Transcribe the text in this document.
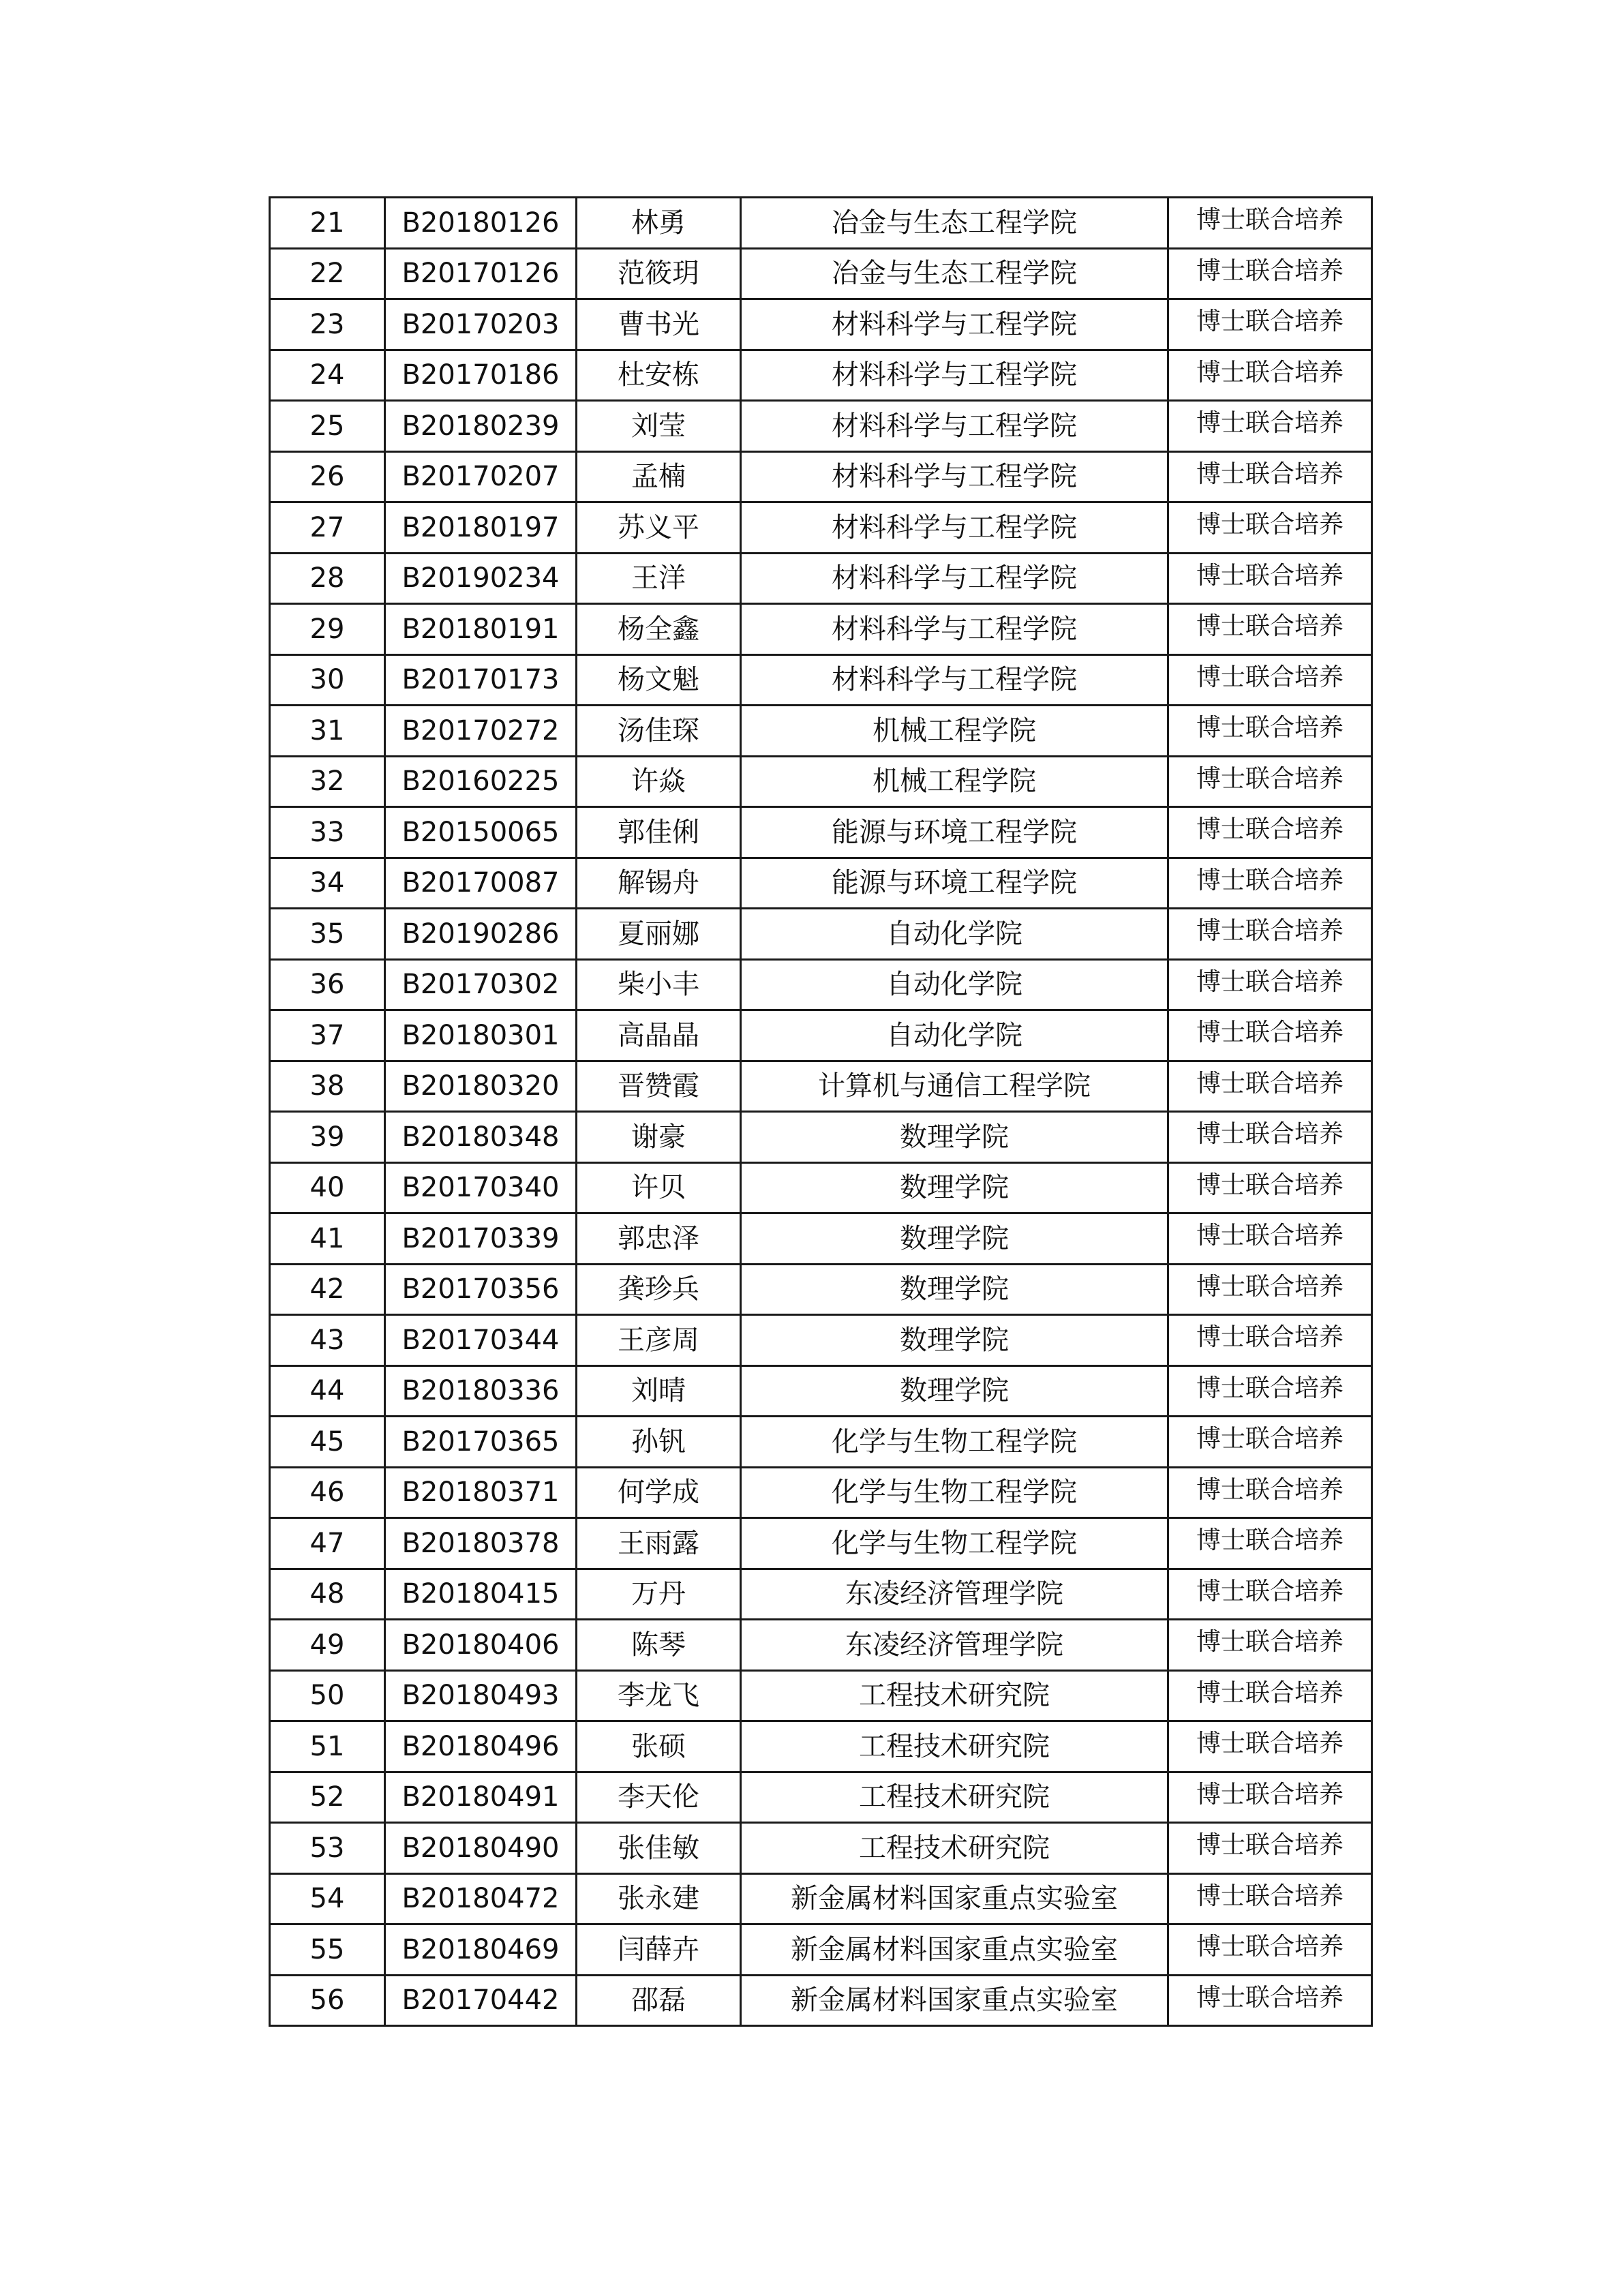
21	B20180126	林勇	冶金与生态工程学院	博士联合培养
22	B20170126	范筱玥	冶金与生态工程学院	博士联合培养
23	B20170203	曹书光	材料科学与工程学院	博士联合培养
24	B20170186	杜安栋	材料科学与工程学院	博士联合培养
25	B20180239	刘莹	材料科学与工程学院	博士联合培养
26	B20170207	孟楠	材料科学与工程学院	博士联合培养
27	B20180197	苏义平	材料科学与工程学院	博士联合培养
28	B20190234	王洋	材料科学与工程学院	博士联合培养
29	B20180191	杨全鑫	材料科学与工程学院	博士联合培养
30	B20170173	杨文魁	材料科学与工程学院	博士联合培养
31	B20170272	汤佳琛	机械工程学院	博士联合培养
32	B20160225	许焱	机械工程学院	博士联合培养
33	B20150065	郭佳俐	能源与环境工程学院	博士联合培养
34	B20170087	解锡舟	能源与环境工程学院	博士联合培养
35	B20190286	夏丽娜	自动化学院	博士联合培养
36	B20170302	柴小丰	自动化学院	博士联合培养
37	B20180301	高晶晶	自动化学院	博士联合培养
38	B20180320	晋赞霞	计算机与通信工程学院	博士联合培养
39	B20180348	谢豪	数理学院	博士联合培养
40	B20170340	许贝	数理学院	博士联合培养
41	B20170339	郭忠泽	数理学院	博士联合培养
42	B20170356	龚珍兵	数理学院	博士联合培养
43	B20170344	王彦周	数理学院	博士联合培养
44	B20180336	刘晴	数理学院	博士联合培养
45	B20170365	孙钒	化学与生物工程学院	博士联合培养
46	B20180371	何学成	化学与生物工程学院	博士联合培养
47	B20180378	王雨露	化学与生物工程学院	博士联合培养
48	B20180415	万丹	东凌经济管理学院	博士联合培养
49	B20180406	陈琴	东凌经济管理学院	博士联合培养
50	B20180493	李龙飞	工程技术研究院	博士联合培养
51	B20180496	张硕	工程技术研究院	博士联合培养
52	B20180491	李天伦	工程技术研究院	博士联合培养
53	B20180490	张佳敏	工程技术研究院	博士联合培养
54	B20180472	张永建	新金属材料国家重点实验室	博士联合培养
55	B20180469	闫薛卉	新金属材料国家重点实验室	博士联合培养
56	B20170442	邵磊	新金属材料国家重点实验室	博士联合培养
